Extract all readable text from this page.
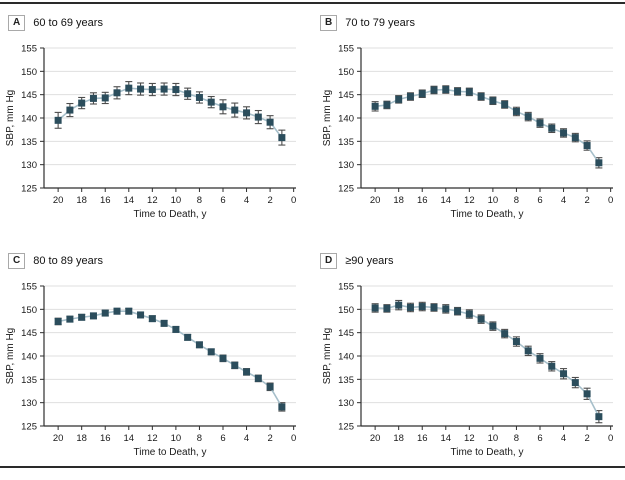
A	60 to 69 years
125
130
135
140
145
150
155
20 18 16 14 12 10 8 6 4 2 0
Time to Death, y
SBP, mm Hg
B	70 to 79 years
125
130
135
140
145
150
155
20 18 16 14 12 10 8 6 4 2 0
Time to Death, y
SBP, mm Hg
C	80 to 89 years
125
130
135
140
145
150
155
20 18 16 14 12 10 8 6 4 2 0
Time to Death, y
SBP, mm Hg
D	≥90 years
125
130
135
140
145
150
155
20 18 16 14 12 10 8 6 4 2 0
Time to Death, y
SBP, mm Hg
